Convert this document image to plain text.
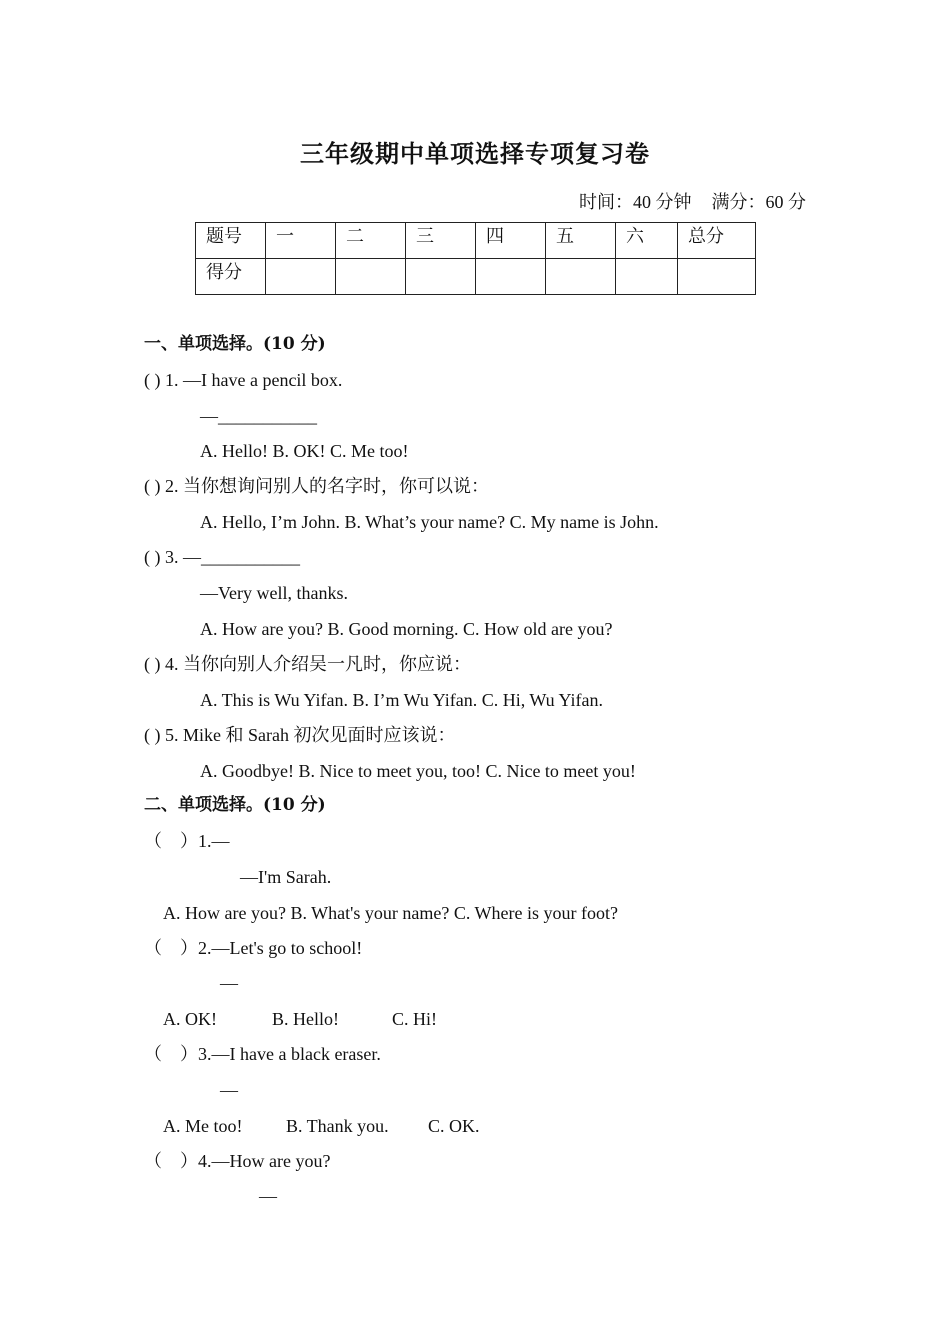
三年级期中单项选择专项复习卷
时间：40 分钟 满分：60 分
题号	一	二	三	四	五	六	总分
得分							
一、单项选择。(10 分)
( ) 1. —I have a pencil box.
—___________
A. Hello! B. OK! C. Me too!
( ) 2. 当你想询问别人的名字时，你可以说：
A. Hello, I’m John. B. What’s your name? C. My name is John.
( ) 3. —___________
—Very well, thanks.
A. How are you? B. Good morning. C. How old are you?
( ) 4. 当你向别人介绍吴一凡时，你应说：
A. This is Wu Yifan. B. I’m Wu Yifan. C. Hi, Wu Yifan.
( ) 5. Mike 和 Sarah 初次见面时应该说：
A. Goodbye! B. Nice to meet you, too! C. Nice to meet you!
二、单项选择。(10 分)
（　）1.—
—I'm Sarah.
A. How are you? B. What's your name? C. Where is your foot?
（　）2.—Let's go to school!
—
A. OK!	B. Hello!	C. Hi!
（　）3.—I have a black eraser.
—
A. Me too! B. Thank you. C. OK.
（　）4.—How are you?
—
